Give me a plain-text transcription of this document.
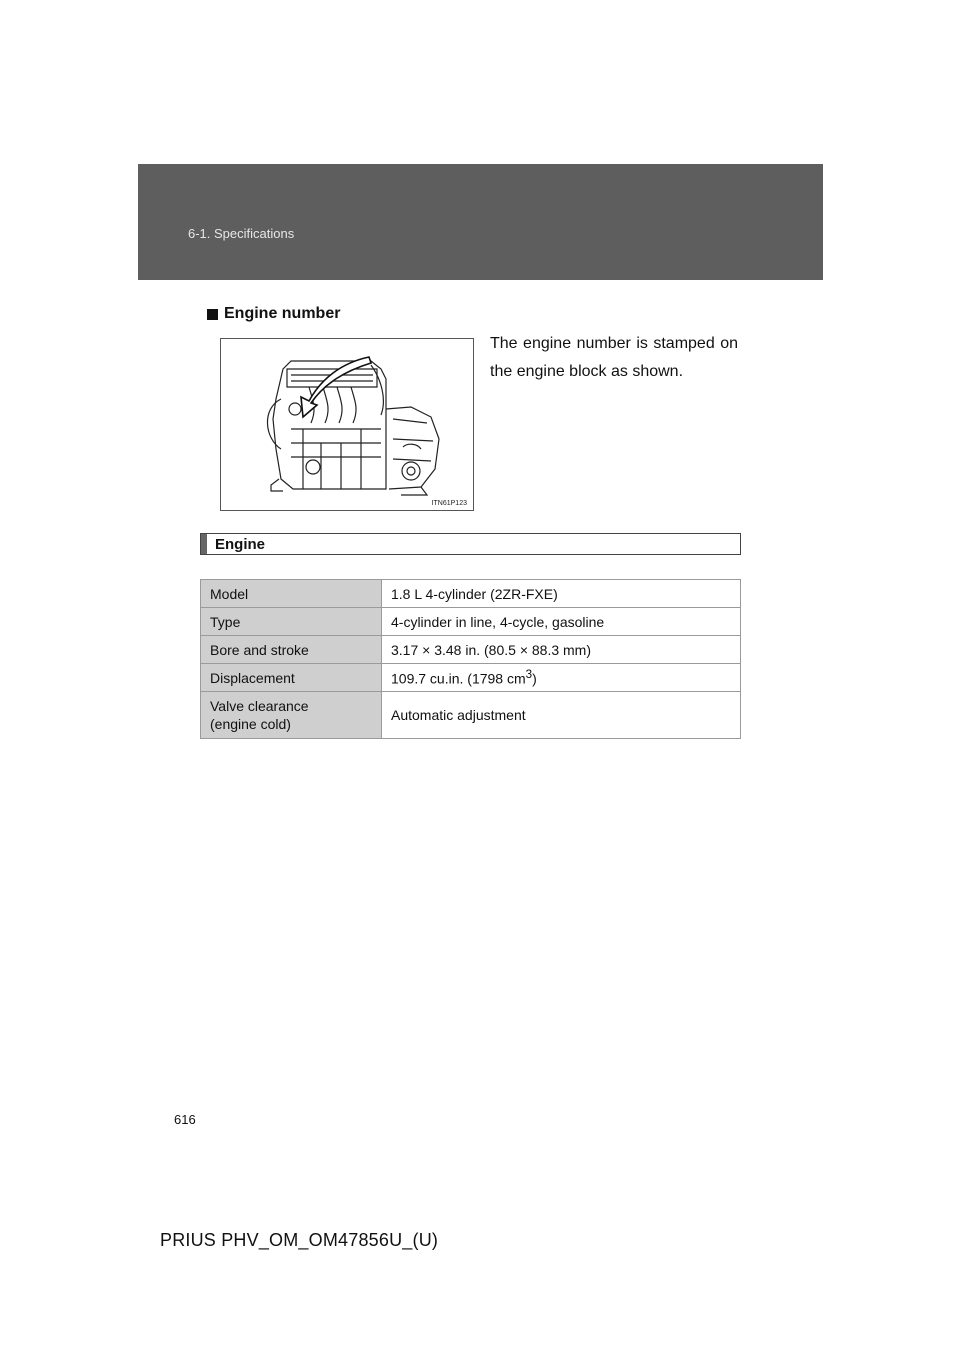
6-1. Specifications
Engine number
ITN61P123
The engine number is stamped on the engine block as shown.
Engine
Model	1.8 L 4-cylinder (2ZR-FXE)
Type	4-cylinder in line, 4-cycle, gasoline
Bore and stroke	3.17 × 3.48 in. (80.5 × 88.3 mm)
Displacement	109.7 cu.in. (1798 $cm^3$)
Valve clearance
(engine cold)	Automatic adjustment
616
PRIUS PHV_OM_OM47856U_(U)
